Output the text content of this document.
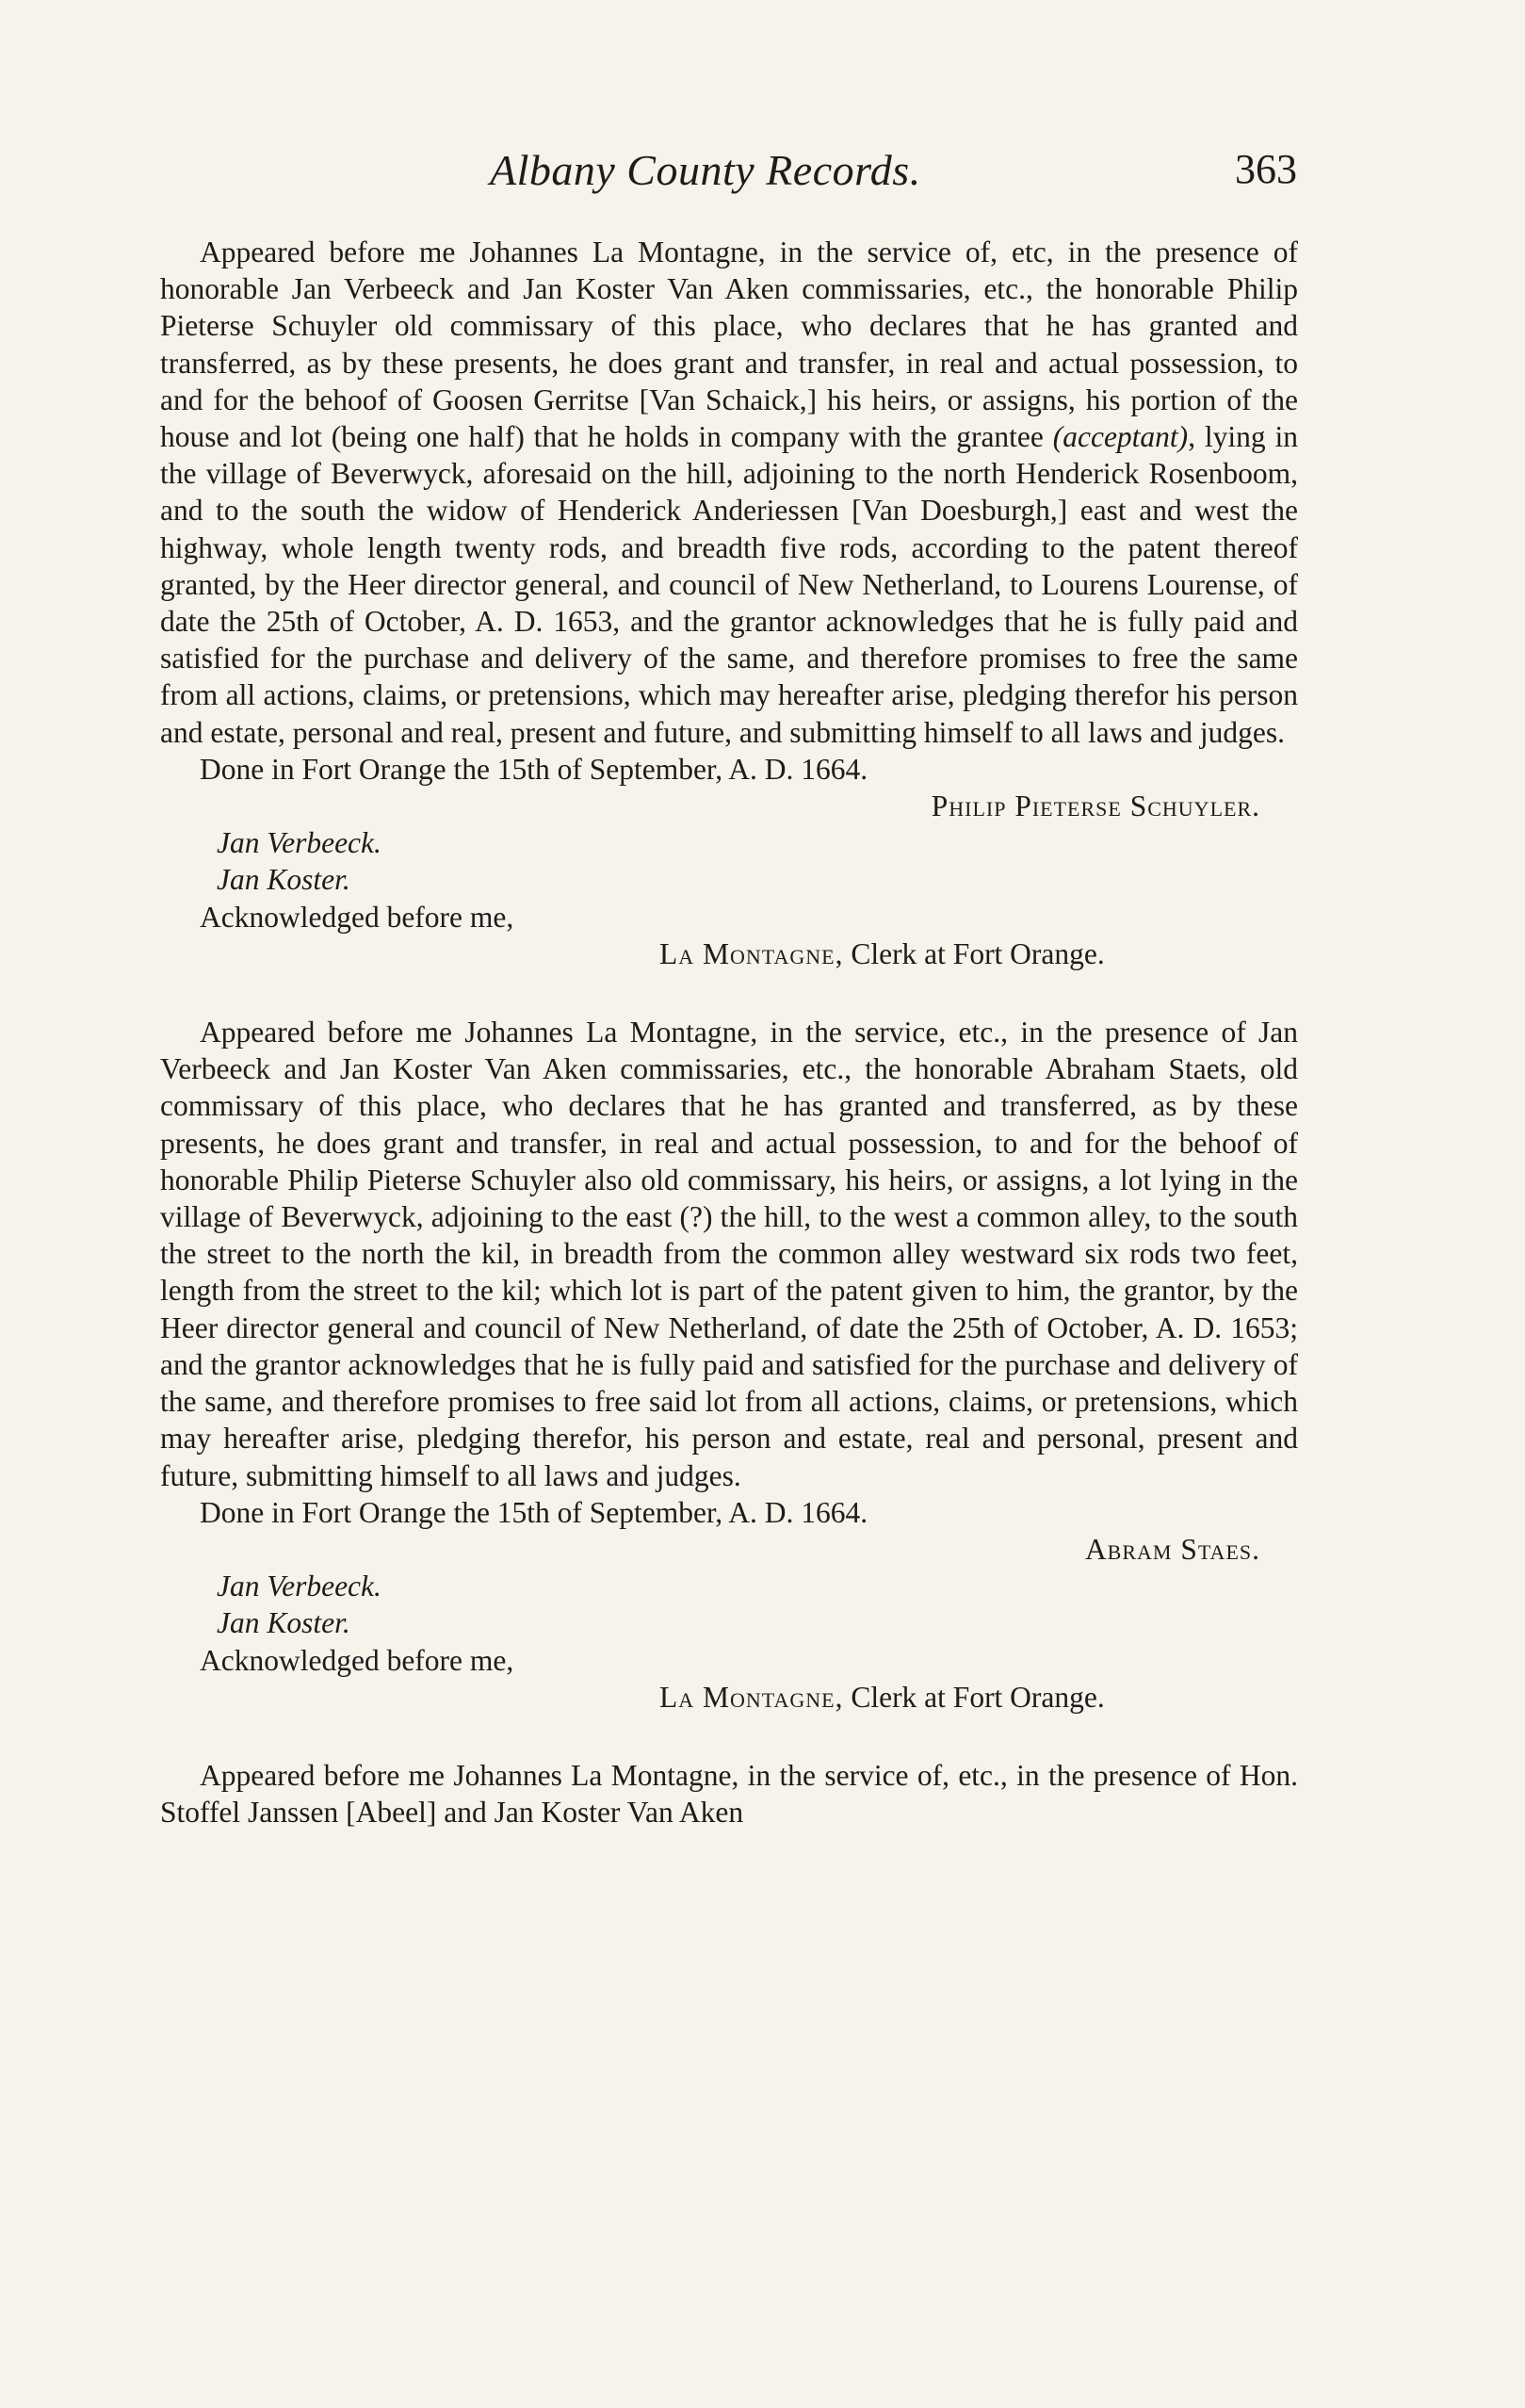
Albany County Records.	363

Appeared before me Johannes La Montagne, in the service of, etc, in the presence of honorable Jan Verbeeck and Jan Koster Van Aken commissaries, etc., the honorable Philip Pieterse Schuyler old commissary of this place, who declares that he has granted and transferred, as by these presents, he does grant and transfer, in real and actual possession, to and for the behoof of Goosen Gerritse [Van Schaick,] his heirs, or assigns, his portion of the house and lot (being one half) that he holds in company with the grantee (acceptant), lying in the village of Beverwyck, aforesaid on the hill, adjoining to the north Henderick Rosenboom, and to the south the widow of Henderick Anderiessen [Van Doesburgh,] east and west the highway, whole length twenty rods, and breadth five rods, according to the patent thereof granted, by the Heer director general, and council of New Netherland, to Lourens Lourense, of date the 25th of October, A. D. 1653, and the grantor acknowledges that he is fully paid and satisfied for the purchase and delivery of the same, and therefore promises to free the same from all actions, claims, or pretensions, which may hereafter arise, pledging therefor his person and estate, personal and real, present and future, and submitting himself to all laws and judges.

Done in Fort Orange the 15th of September, A. D. 1664.

Philip Pieterse Schuyler.

Jan Verbeeck.

Jan Koster.

Acknowledged before me,

La Montagne, Clerk at Fort Orange.

Appeared before me Johannes La Montagne, in the service, etc., in the presence of Jan Verbeeck and Jan Koster Van Aken commissaries, etc., the honorable Abraham Staets, old commissary of this place, who declares that he has granted and transferred, as by these presents, he does grant and transfer, in real and actual possession, to and for the behoof of honorable Philip Pieterse Schuyler also old commissary, his heirs, or assigns, a lot lying in the village of Beverwyck, adjoining to the east (?) the hill, to the west a common alley, to the south the street to the north the kil, in breadth from the common alley westward six rods two feet, length from the street to the kil; which lot is part of the patent given to him, the grantor, by the Heer director general and council of New Netherland, of date the 25th of October, A. D. 1653; and the grantor acknowledges that he is fully paid and satisfied for the purchase and delivery of the same, and therefore promises to free said lot from all actions, claims, or pretensions, which may hereafter arise, pledging therefor, his person and estate, real and personal, present and future, submitting himself to all laws and judges.

Done in Fort Orange the 15th of September, A. D. 1664.

Abram Staes.

Jan Verbeeck.

Jan Koster.

Acknowledged before me,

La Montagne, Clerk at Fort Orange.

Appeared before me Johannes La Montagne, in the service of, etc., in the presence of Hon. Stoffel Janssen [Abeel] and Jan Koster Van Aken
